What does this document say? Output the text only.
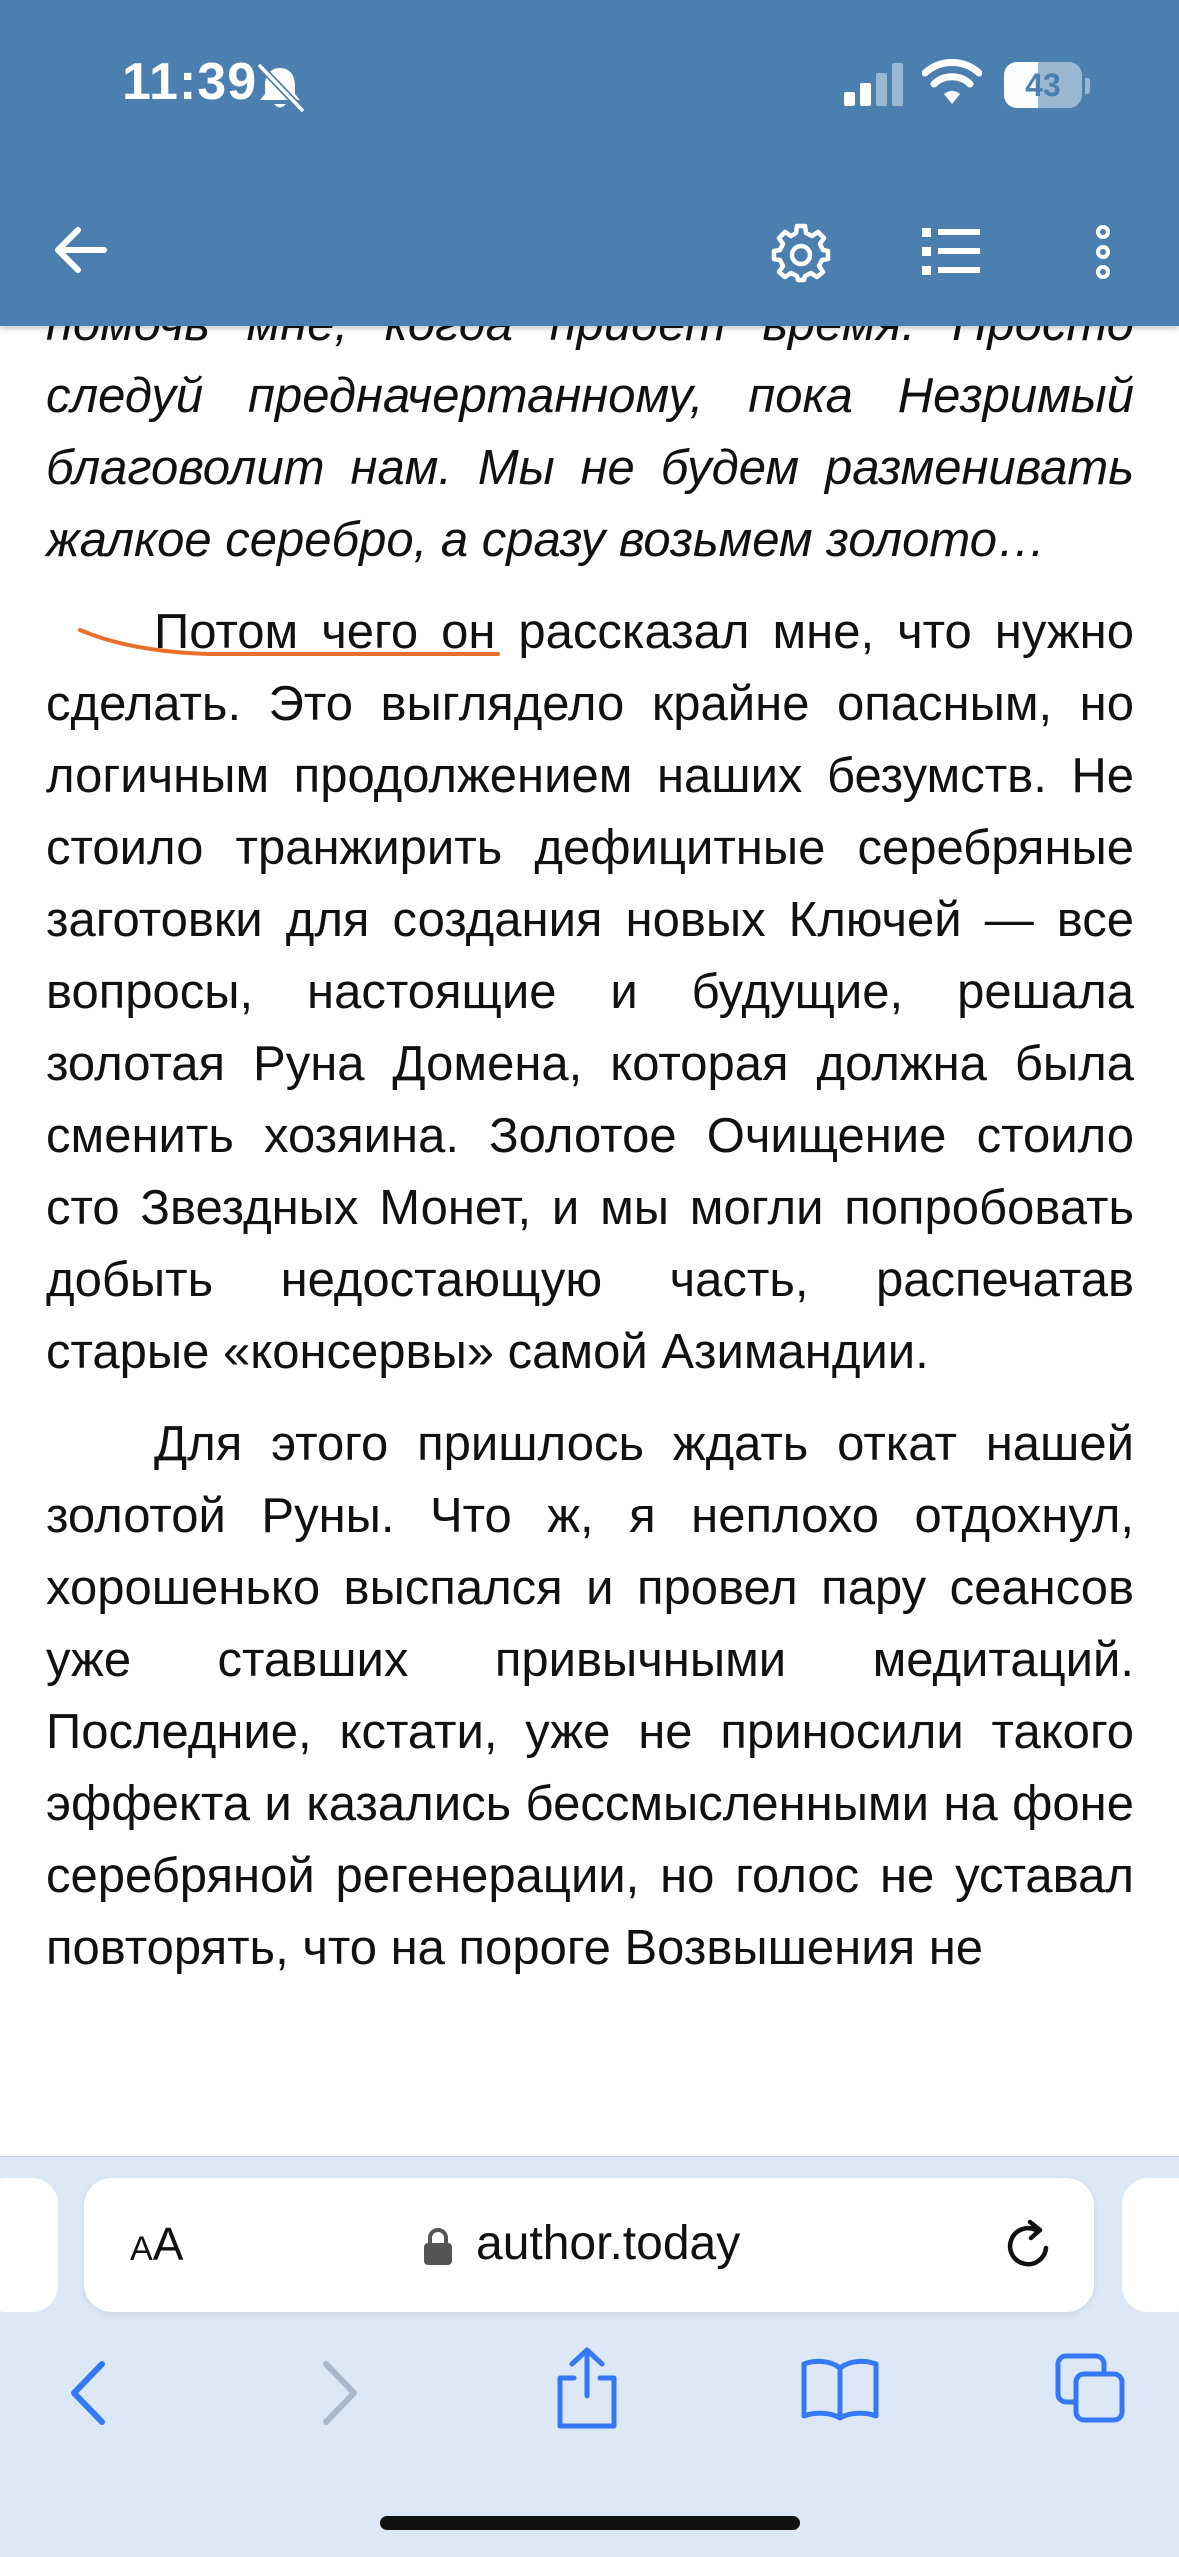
следуй предначертанному, пока Незримый благоволит нам. Мы не будем разменивать жалкое серебро, а сразу возьмем золото…

Потом чего он рассказал мне, что нужно сделать. Это выглядело крайне опасным, но логичным продолжением наших безумств. Не стоило транжирить дефицитные серебряные заготовки для создания новых Ключей — все вопросы, настоящие и будущие, решала золотая Руна Домена, которая должна была сменить хозяина. Золотое Очищение стоило сто Звездных Монет, и мы могли попробовать добыть недостающую часть, распечатав старые «консервы» самой Азимандии.

Для этого пришлось ждать откат нашей золотой Руны. Что ж, я неплохо отдохнул, хорошенько выспался и провел пару сеансов уже ставших привычными медитаций. Последние, кстати, уже не приносили такого эффекта и казались бессмысленными на фоне серебряной регенерации, но голос не уставал повторять, что на пороге Возвышения не

11:39	43
AA	author.today
